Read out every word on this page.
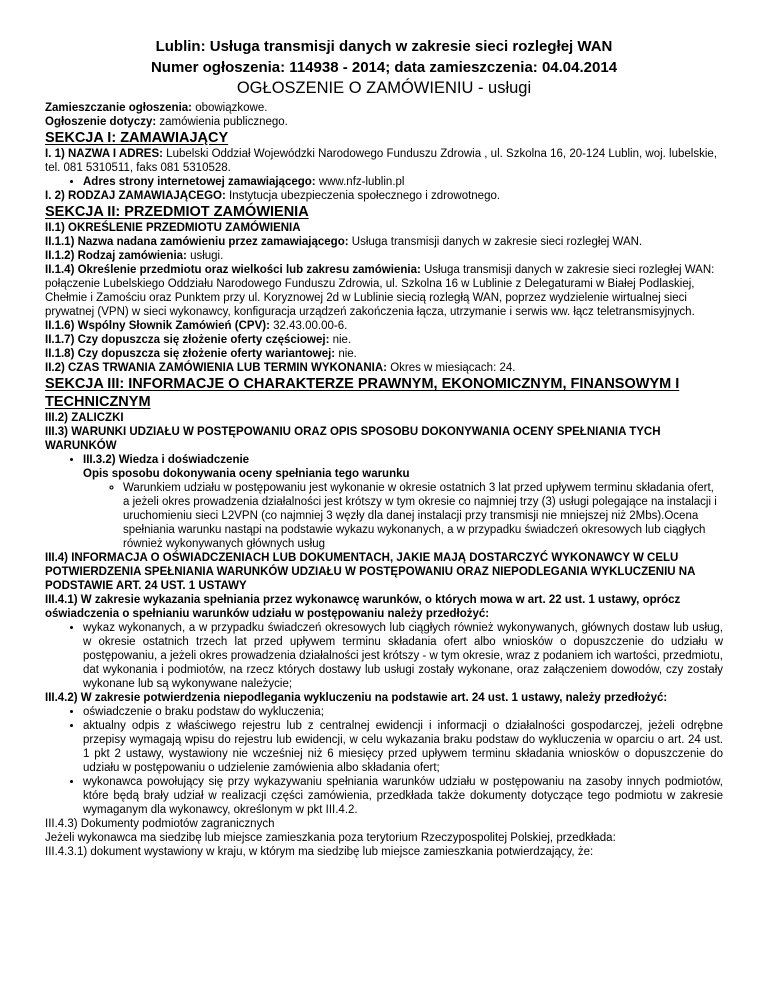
Lublin: Usługa transmisji danych w zakresie sieci rozległej WAN
Numer ogłoszenia: 114938 - 2014; data zamieszczenia: 04.04.2014
OGŁOSZENIE O ZAMÓWIENIU - usługi

Zamieszczanie ogłoszenia: obowiązkowe.

Ogłoszenie dotyczy: zamówienia publicznego.

SEKCJA I: ZAMAWIAJĄCY

I. 1) NAZWA I ADRES: Lubelski Oddział Wojewódzki Narodowego Funduszu Zdrowia , ul. Szkolna 16, 20-124 Lublin, woj. lubelskie, tel. 081 5310511, faks 081 5310528.

• Adres strony internetowej zamawiającego: www.nfz-lublin.pl

I. 2) RODZAJ ZAMAWIAJĄCEGO: Instytucja ubezpieczenia społecznego i zdrowotnego.

SEKCJA II: PRZEDMIOT ZAMÓWIENIA

II.1) OKREŚLENIE PRZEDMIOTU ZAMÓWIENIA

II.1.1) Nazwa nadana zamówieniu przez zamawiającego: Usługa transmisji danych w zakresie sieci rozległej WAN.

II.1.2) Rodzaj zamówienia: usługi.

II.1.4) Określenie przedmiotu oraz wielkości lub zakresu zamówienia: Usługa transmisji danych w zakresie sieci rozległej WAN: połączenie Lubelskiego Oddziału Narodowego Funduszu Zdrowia, ul. Szkolna 16 w Lublinie z Delegaturami w Białej Podlaskiej, Chełmie i Zamościu oraz Punktem przy ul. Koryznowej 2d w Lublinie siecią rozległą WAN, poprzez wydzielenie wirtualnej sieci prywatnej (VPN) w sieci wykonawcy, konfiguracja urządzeń zakończenia łącza, utrzymanie i serwis ww. łącz teletransmisyjnych.

II.1.6) Wspólny Słownik Zamówień (CPV): 32.43.00.00-6.

II.1.7) Czy dopuszcza się złożenie oferty częściowej: nie.

II.1.8) Czy dopuszcza się złożenie oferty wariantowej: nie.

II.2) CZAS TRWANIA ZAMÓWIENIA LUB TERMIN WYKONANIA: Okres w miesiącach: 24.

SEKCJA III: INFORMACJE O CHARAKTERZE PRAWNYM, EKONOMICZNYM, FINANSOWYM I TECHNICZNYM

III.2) ZALICZKI

III.3) WARUNKI UDZIAŁU W POSTĘPOWANIU ORAZ OPIS SPOSOBU DOKONYWANIA OCENY SPEŁNIANIA TYCH WARUNKÓW

• III.3.2) Wiedza i doświadczenie

Opis sposobu dokonywania oceny spełniania tego warunku

◦ Warunkiem udziału w postępowaniu jest wykonanie w okresie ostatnich 3 lat przed upływem terminu składania ofert, a jeżeli okres prowadzenia działalności jest krótszy w tym okresie co najmniej trzy (3) usługi polegające na instalacji i uruchomieniu sieci L2VPN (co najmniej 3 węzły dla danej instalacji przy transmisji nie mniejszej niż 2Mbs).Ocena spełniania warunku nastąpi na podstawie wykazu wykonanych, a w przypadku świadczeń okresowych lub ciągłych również wykonywanych głównych usług

III.4) INFORMACJA O OŚWIADCZENIACH LUB DOKUMENTACH, JAKIE MAJĄ DOSTARCZYĆ WYKONAWCY W CELU POTWIERDZENIA SPEŁNIANIA WARUNKÓW UDZIAŁU W POSTĘPOWANIU ORAZ NIEPODLEGANIA WYKLUCZENIU NA PODSTAWIE ART. 24 UST. 1 USTAWY

III.4.1) W zakresie wykazania spełniania przez wykonawcę warunków, o których mowa w art. 22 ust. 1 ustawy, oprócz oświadczenia o spełnianiu warunków udziału w postępowaniu należy przedłożyć:

• wykaz wykonanych, a w przypadku świadczeń okresowych lub ciągłych również wykonywanych, głównych dostaw lub usług, w okresie ostatnich trzech lat przed upływem terminu składania ofert albo wniosków o dopuszczenie do udziału w postępowaniu, a jeżeli okres prowadzenia działalności jest krótszy - w tym okresie, wraz z podaniem ich wartości, przedmiotu, dat wykonania i podmiotów, na rzecz których dostawy lub usługi zostały wykonane, oraz załączeniem dowodów, czy zostały wykonane lub są wykonywane należycie;

III.4.2) W zakresie potwierdzenia niepodlegania wykluczeniu na podstawie art. 24 ust. 1 ustawy, należy przedłożyć:

• oświadczenie o braku podstaw do wykluczenia;
• aktualny odpis z właściwego rejestru lub z centralnej ewidencji i informacji o działalności gospodarczej, jeżeli odrębne przepisy wymagają wpisu do rejestru lub ewidencji, w celu wykazania braku podstaw do wykluczenia w oparciu o art. 24 ust. 1 pkt 2 ustawy, wystawiony nie wcześniej niż 6 miesięcy przed upływem terminu składania wniosków o dopuszczenie do udziału w postępowaniu o udzielenie zamówienia albo składania ofert;
• wykonawca powołujący się przy wykazywaniu spełniania warunków udziału w postępowaniu na zasoby innych podmiotów, które będą brały udział w realizacji części zamówienia, przedkłada także dokumenty dotyczące tego podmiotu w zakresie wymaganym dla wykonawcy, określonym w pkt III.4.2.

III.4.3) Dokumenty podmiotów zagranicznych

Jeżeli wykonawca ma siedzibę lub miejsce zamieszkania poza terytorium Rzeczypospolitej Polskiej, przedkłada:

III.4.3.1) dokument wystawiony w kraju, w którym ma siedzibę lub miejsce zamieszkania potwierdzający, że:
